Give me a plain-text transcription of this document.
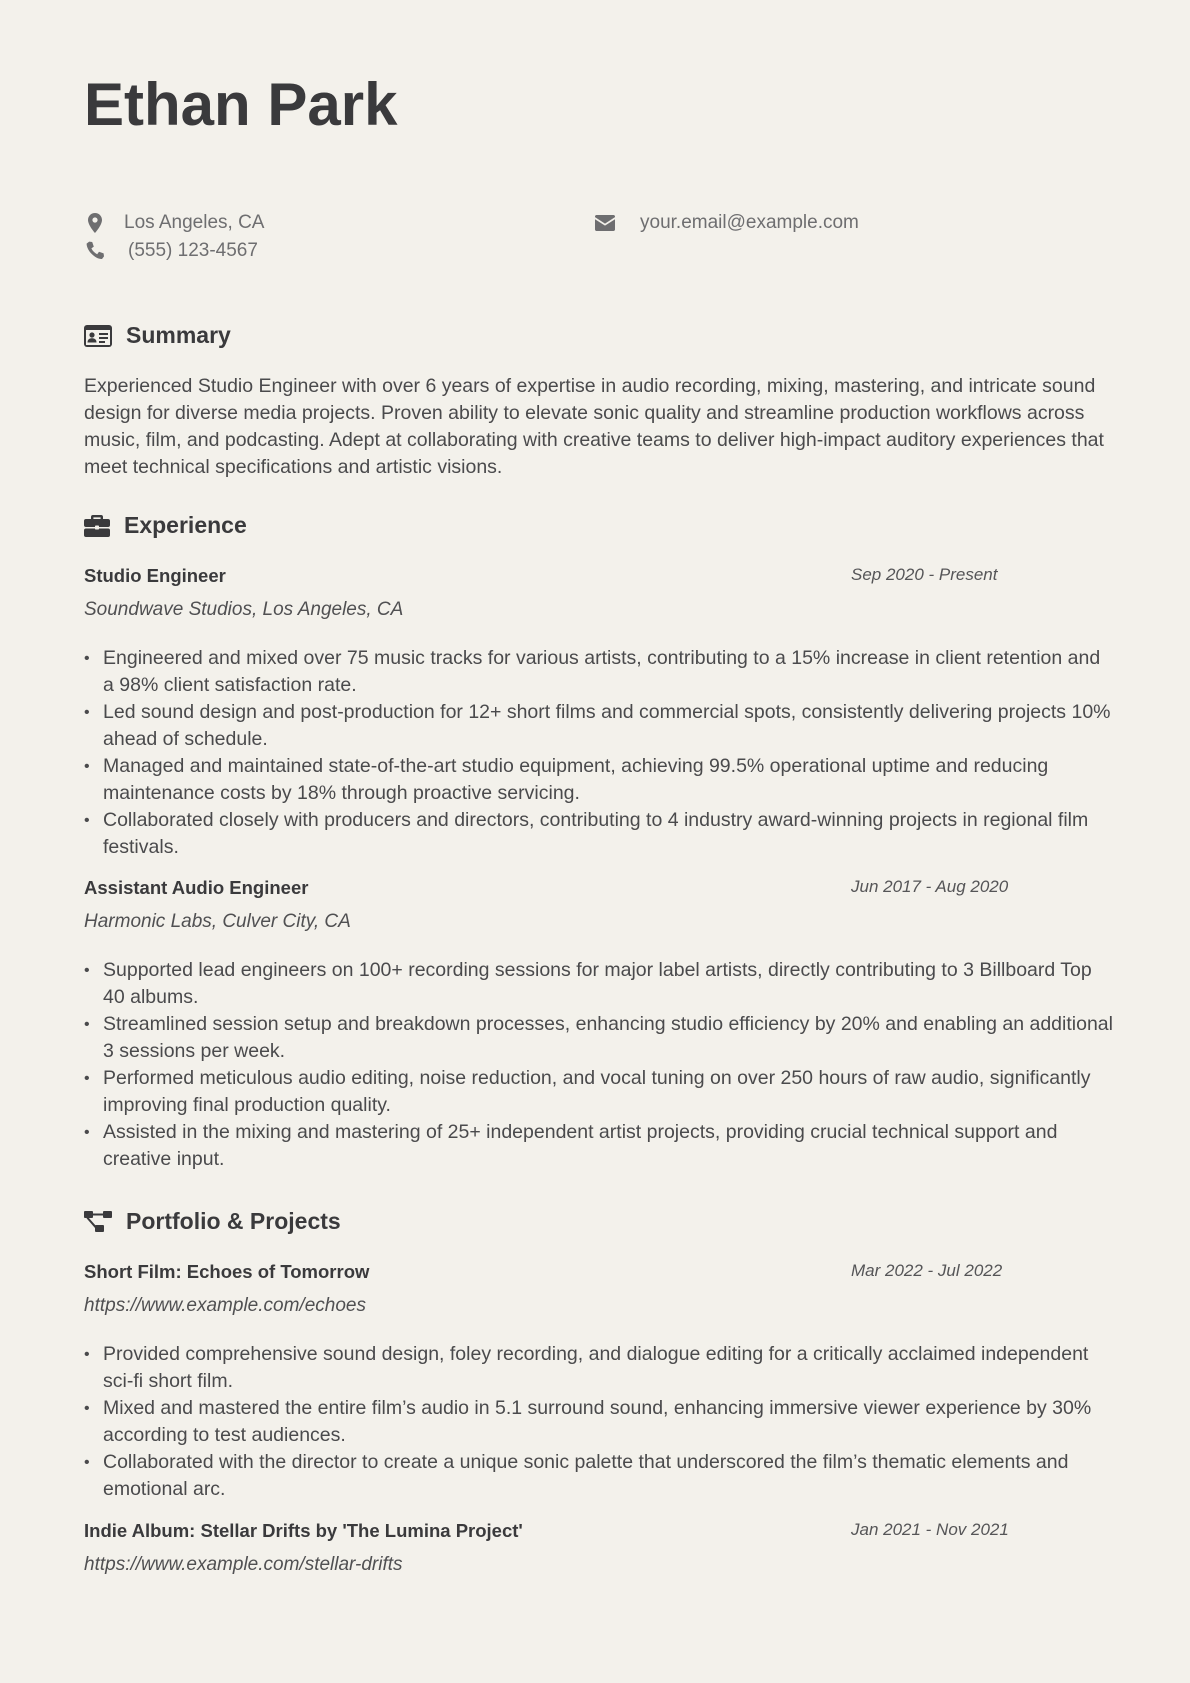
Ethan Park
Los Angeles, CA
(555) 123-4567
your.email@example.com
Summary

Experienced Studio Engineer with over 6 years of expertise in audio recording, mixing, mastering, and intricate sound design for diverse media projects. Proven ability to elevate sonic quality and streamline production workflows across music, film, and podcasting. Adept at collaborating with creative teams to deliver high-impact auditory experiences that meet technical specifications and artistic visions.

Experience
Studio Engineer	Sep 2020 - Present
Soundwave Studios, Los Angeles, CA
• Engineered and mixed over 75 music tracks for various artists, contributing to a 15% increase in client retention and a 98% client satisfaction rate.
• Led sound design and post-production for 12+ short films and commercial spots, consistently delivering projects 10% ahead of schedule.
• Managed and maintained state-of-the-art studio equipment, achieving 99.5% operational uptime and reducing maintenance costs by 18% through proactive servicing.
• Collaborated closely with producers and directors, contributing to 4 industry award-winning projects in regional film festivals.
Assistant Audio Engineer	Jun 2017 - Aug 2020
Harmonic Labs, Culver City, CA
• Supported lead engineers on 100+ recording sessions for major label artists, directly contributing to 3 Billboard Top 40 albums.
• Streamlined session setup and breakdown processes, enhancing studio efficiency by 20% and enabling an additional 3 sessions per week.
• Performed meticulous audio editing, noise reduction, and vocal tuning on over 250 hours of raw audio, significantly improving final production quality.
• Assisted in the mixing and mastering of 25+ independent artist projects, providing crucial technical support and creative input.
Portfolio & Projects
Short Film: Echoes of Tomorrow	Mar 2022 - Jul 2022
https://www.example.com/echoes
• Provided comprehensive sound design, foley recording, and dialogue editing for a critically acclaimed independent sci-fi short film.
• Mixed and mastered the entire film’s audio in 5.1 surround sound, enhancing immersive viewer experience by 30% according to test audiences.
• Collaborated with the director to create a unique sonic palette that underscored the film’s thematic elements and emotional arc.
Indie Album: Stellar Drifts by 'The Lumina Project'	Jan 2021 - Nov 2021
https://www.example.com/stellar-drifts
